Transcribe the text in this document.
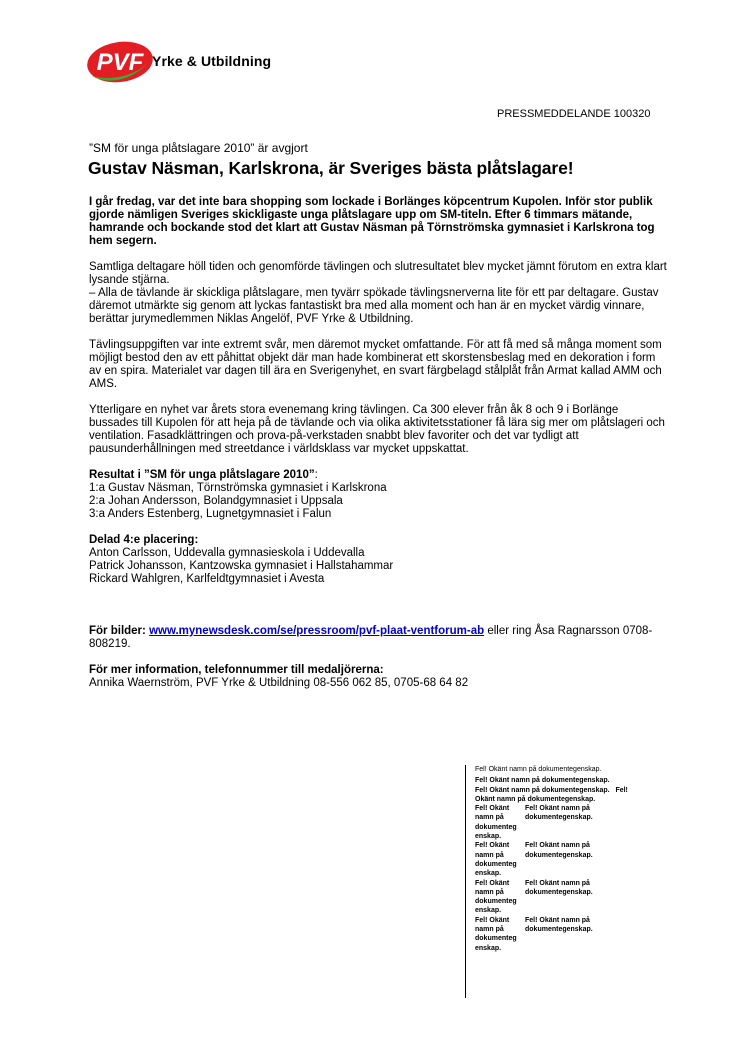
PVF Yrke & Utbildning
PRESSMEDDELANDE 100320
”SM för unga plåtslagare 2010” är avgjort
Gustav Näsman, Karlskrona, är Sveriges bästa plåtslagare!

I går fredag, var det inte bara shopping som lockade i Borlänges köpcentrum Kupolen. Inför stor publik gjorde nämligen Sveriges skickligaste unga plåtslagare upp om SM-titeln. Efter 6 timmars mätande, hamrande och bockande stod det klart att Gustav Näsman på Törnströmska gymnasiet i Karlskrona tog hem segern.

Samtliga deltagare höll tiden och genomförde tävlingen och slutresultatet blev mycket jämnt förutom en extra klart lysande stjärna.

– Alla de tävlande är skickliga plåtslagare, men tyvärr spökade tävlingsnerverna lite för ett par deltagare. Gustav däremot utmärkte sig genom att lyckas fantastiskt bra med alla moment och han är en mycket värdig vinnare, berättar jurymedlemmen Niklas Angelöf, PVF Yrke & Utbildning.

Tävlingsuppgiften var inte extremt svår, men däremot mycket omfattande. För att få med så många moment som möjligt bestod den av ett påhittat objekt där man hade kombinerat ett skorstensbeslag med en dekoration i form av en spira. Materialet var dagen till ära en Sverigenyhet, en svart färgbelagd stålplåt från Armat kallad AMM och AMS.

Ytterligare en nyhet var årets stora evenemang kring tävlingen. Ca 300 elever från åk 8 och 9 i Borlänge bussades till Kupolen för att heja på de tävlande och via olika aktivitetsstationer få lära sig mer om plåtslageri och ventilation. Fasadklättringen och prova-på-verkstaden snabbt blev favoriter och det var tydligt att pausunderhållningen med streetdance i världsklass var mycket uppskattat.

Resultat i ”SM för unga plåtslagare 2010”:
1:a Gustav Näsman, Törnströmska gymnasiet i Karlskrona
2:a Johan Andersson, Bolandgymnasiet i Uppsala
3:a Anders Estenberg, Lugnetgymnasiet i Falun
Delad 4:e placering:
Anton Carlsson, Uddevalla gymnasieskola i Uddevalla
Patrick Johansson, Kantzowska gymnasiet i Hallstahammar
Rickard Wahlgren, Karlfeldtgymnasiet i Avesta

För bilder: www.mynewsdesk.com/se/pressroom/pvf-plaat-ventforum-ab eller ring Åsa Ragnarsson 0708-808219.

För mer information, telefonnummer till medaljörerna:
Annika Waernström, PVF Yrke & Utbildning 08-556 062 85, 0705-68 64 82
Fel! Okänt namn på dokumentegenskap.
Fel! Okänt namn på dokumentegenskap.
Fel! Okänt namn på dokumentegenskap. Fel!
Okänt namn på dokumentegenskap.
Fel! Okänt namn på dokumenteg enskap.
Fel! Okänt namn på dokumentegenskap.
Fel! Okänt namn på dokumenteg enskap.
Fel! Okänt namn på dokumentegenskap.
Fel! Okänt namn på dokumenteg enskap.
Fel! Okänt namn på dokumentegenskap.
Fel! Okänt namn på dokumenteg enskap.
Fel! Okänt namn på dokumentegenskap.
